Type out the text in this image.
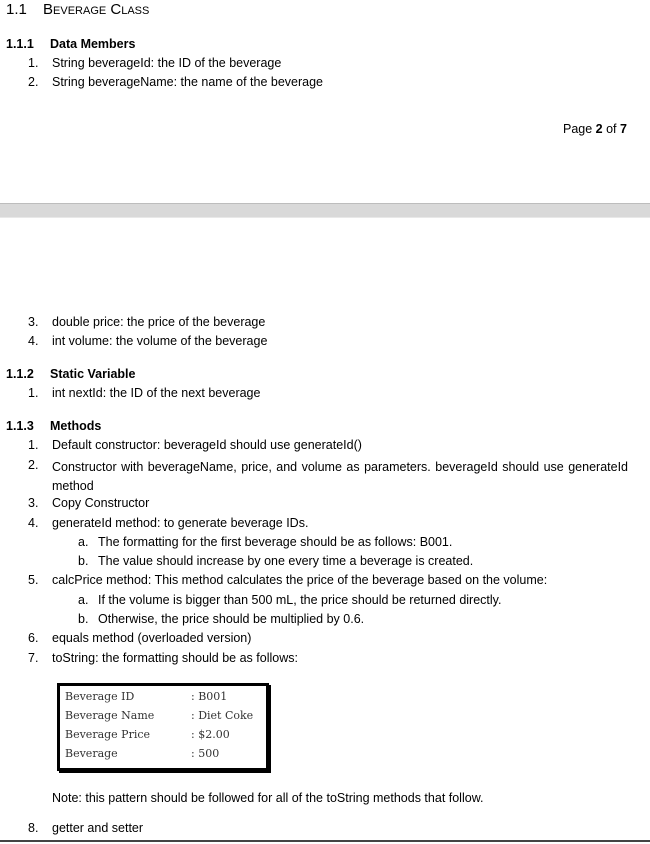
1.1 Beverage Class
1.1.1 Data Members
1. String beverageId: the ID of the beverage
2. String beverageName: the name of the beverage
Page 2 of 7
3. double price: the price of the beverage
4. int volume: the volume of the beverage
1.1.2 Static Variable
1. int nextId: the ID of the next beverage
1.1.3 Methods
1. Default constructor: beverageId should use generateId()
2. Constructor with beverageName, price, and volume as parameters. beverageId should use generateId method
3. Copy Constructor
4. generateId method: to generate beverage IDs.
a. The formatting for the first beverage should be as follows: B001.
b. The value should increase by one every time a beverage is created.
5. calcPrice method: This method calculates the price of the beverage based on the volume:
a. If the volume is bigger than 500 mL, the price should be returned directly.
b. Otherwise, the price should be multiplied by 0.6.
6. equals method (overloaded version)
7. toString: the formatting should be as follows:
Beverage ID	: B001
Beverage Name	: Diet Coke
Beverage Price	: $2.00
Beverage	: 500
Note: this pattern should be followed for all of the toString methods that follow.
8. getter and setter
